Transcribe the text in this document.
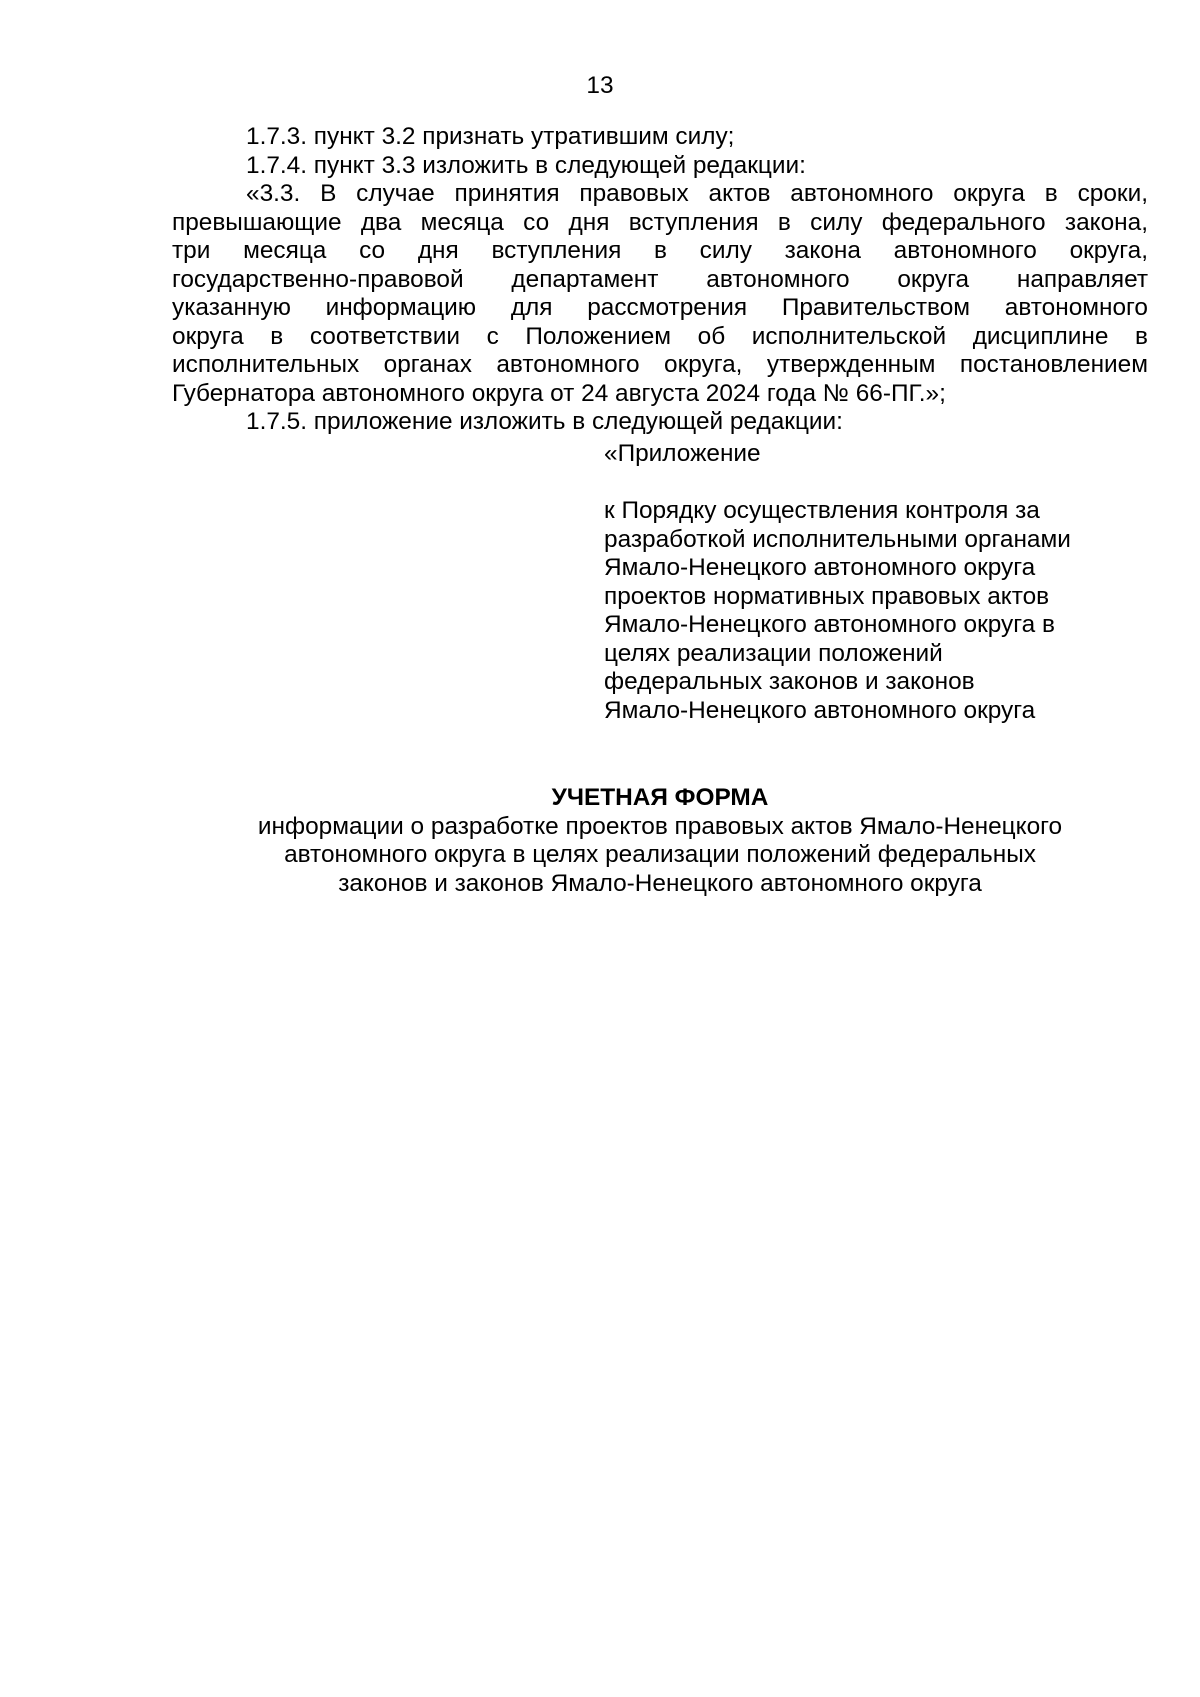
13

1.7.3. пункт 3.2 признать утратившим силу;

1.7.4. пункт 3.3 изложить в следующей редакции:

«3.3. В случае принятия правовых актов автономного округа в сроки,

превышающие два месяца со дня вступления в силу федерального закона,

три месяца со дня вступления в силу закона автономного округа,

государственно-правовой департамент автономного округа направляет

указанную информацию для рассмотрения Правительством автономного

округа в соответствии с Положением об исполнительской дисциплине в

исполнительных органах автономного округа, утвержденным постановлением

Губернатора автономного округа от 24 августа 2024 года № 66-ПГ.»;

1.7.5. приложение изложить в следующей редакции:

«Приложение

к Порядку осуществления контроля за

разработкой исполнительными органами

Ямало-Ненецкого автономного округа

проектов нормативных правовых актов

Ямало-Ненецкого автономного округа в

целях реализации положений

федеральных законов и законов

Ямало-Ненецкого автономного округа

УЧЕТНАЯ ФОРМА

информации о разработке проектов правовых актов Ямало-Ненецкого

автономного округа в целях реализации положений федеральных

законов и законов Ямало-Ненецкого автономного округа
